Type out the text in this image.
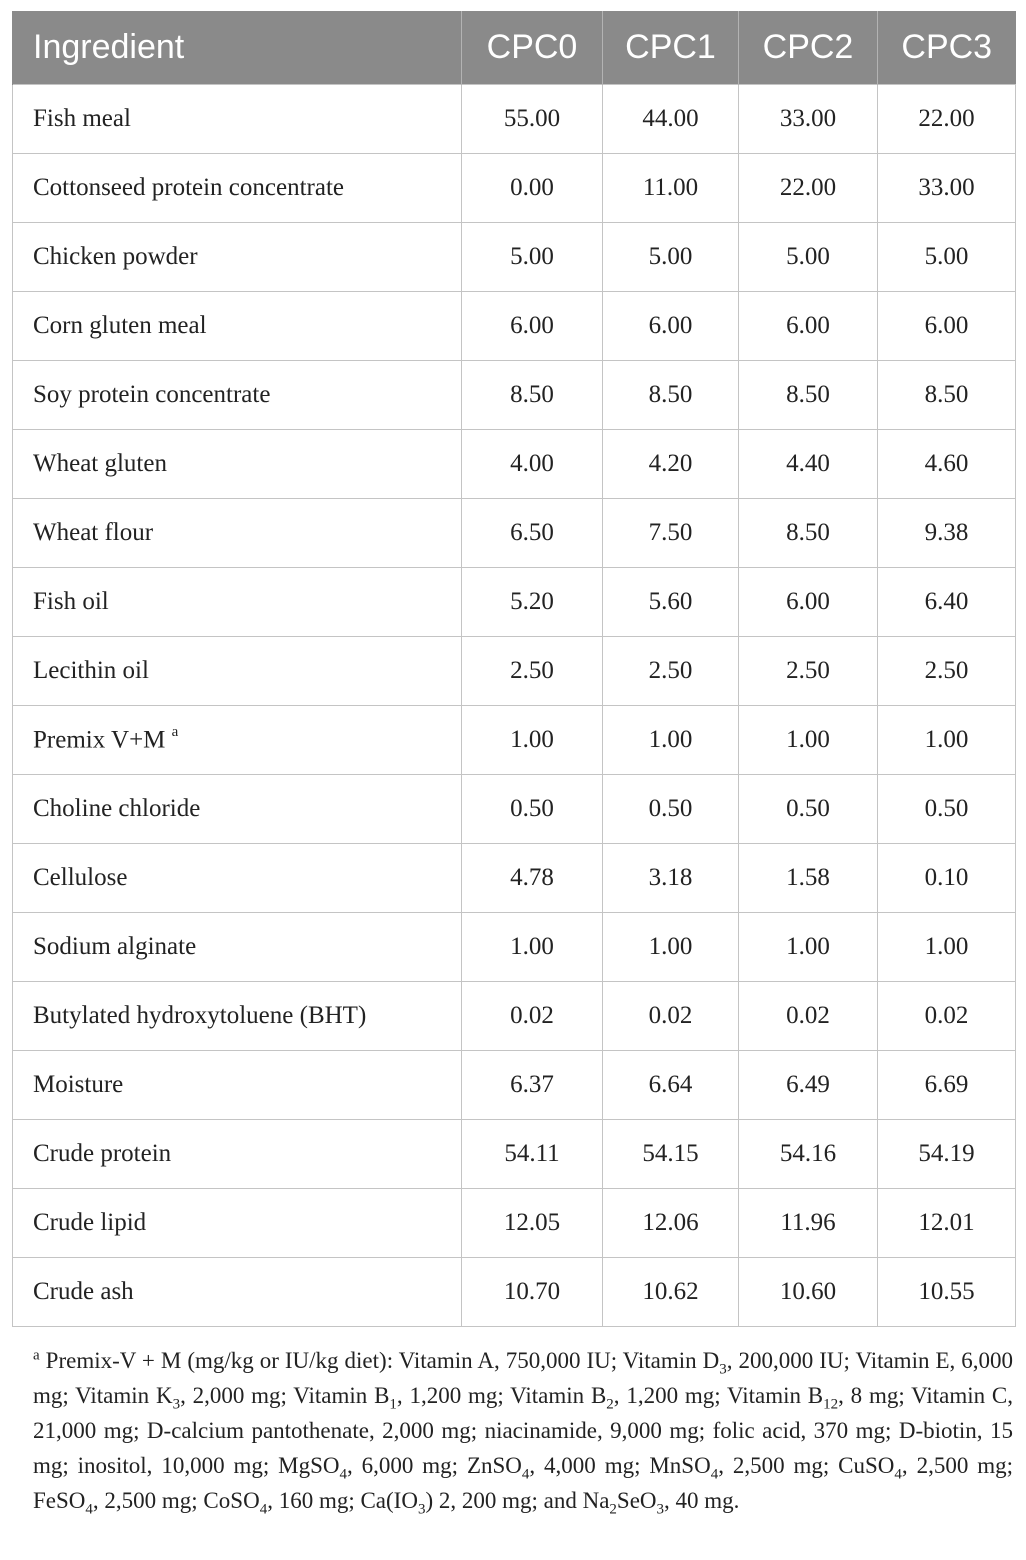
Ingredient	CPC0	CPC1	CPC2	CPC3
Fish meal	55.00	44.00	33.00	22.00
Cottonseed protein concentrate	0.00	11.00	22.00	33.00
Chicken powder	5.00	5.00	5.00	5.00
Corn gluten meal	6.00	6.00	6.00	6.00
Soy protein concentrate	8.50	8.50	8.50	8.50
Wheat gluten	4.00	4.20	4.40	4.60
Wheat flour	6.50	7.50	8.50	9.38
Fish oil	5.20	5.60	6.00	6.40
Lecithin oil	2.50	2.50	2.50	2.50
Premix V+M $^a$	1.00	1.00	1.00	1.00
Choline chloride	0.50	0.50	0.50	0.50
Cellulose	4.78	3.18	1.58	0.10
Sodium alginate	1.00	1.00	1.00	1.00
Butylated hydroxytoluene (BHT)	0.02	0.02	0.02	0.02
Moisture	6.37	6.64	6.49	6.69
Crude protein	54.11	54.15	54.16	54.19
Crude lipid	12.05	12.06	11.96	12.01
Crude ash	10.70	10.62	10.60	10.55
$^a$ Premix-V + M (mg/kg or IU/kg diet): Vitamin A, 750,000 IU; Vitamin $D_3$, 200,000 IU; Vitamin E, 6,000 mg; Vitamin $K_3$, 2,000 mg; Vitamin $B_1$, 1,200 mg; Vitamin $B_2$, 1,200 mg; Vitamin $B_{12}$, 8 mg; Vitamin C, 21,000 mg; D-calcium pantothenate, 2,000 mg; niacinamide, 9,000 mg; folic acid, 370 mg; D-biotin, 15 mg; inositol, 10,000 mg; MgSO$_4$, 6,000 mg; ZnSO$_4$, 4,000 mg; MnSO$_4$, 2,500 mg; CuSO$_4$, 2,500 mg; FeSO$_4$, 2,500 mg; CoSO$_4$, 160 mg; $Ca(IO_3)$ 2, 200 mg; and $Na_2SeO_3$, 40 mg.
